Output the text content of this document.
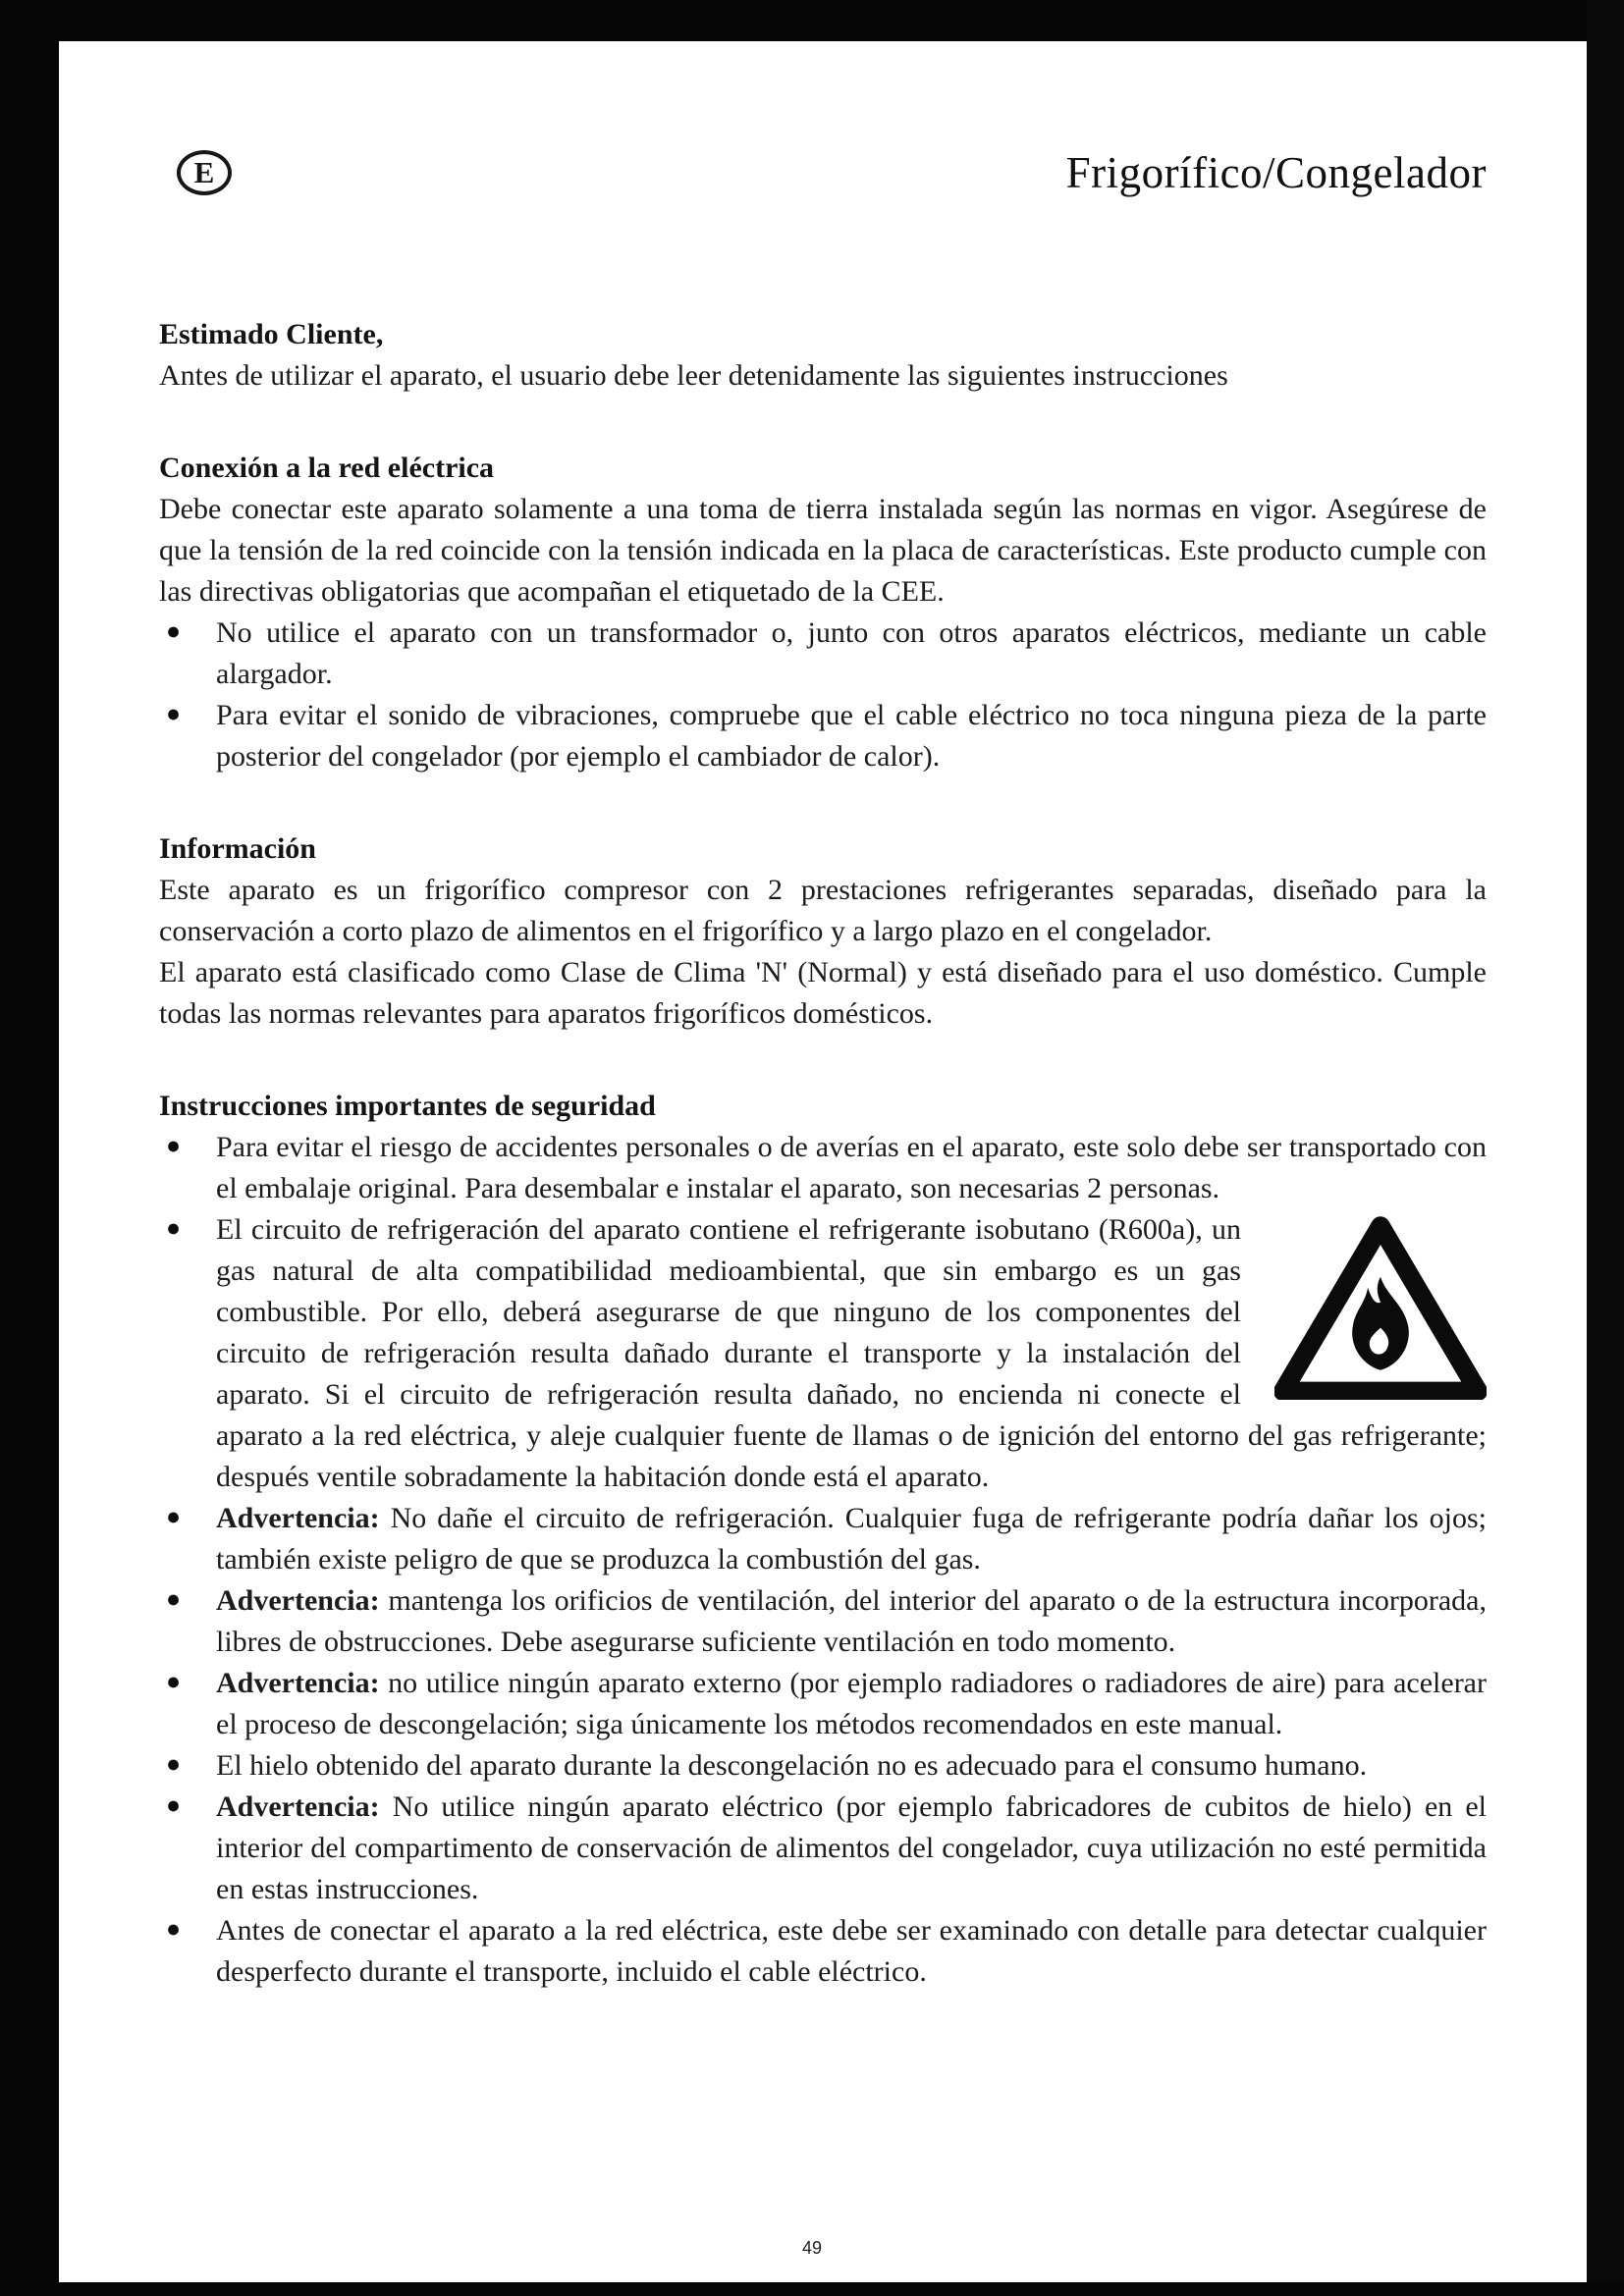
E	Frigorífico/Congelador
Estimado Cliente,

Antes de utilizar el aparato, el usuario debe leer detenidamente las siguientes instrucciones

Conexión a la red eléctrica

Debe conectar este aparato solamente a una toma de tierra instalada según las normas en vigor. Asegúrese de que la tensión de la red coincide con la tensión indicada en la placa de características. Este producto cumple con las directivas obligatorias que acompañan el etiquetado de la CEE.

● No utilice el aparato con un transformador o, junto con otros aparatos eléctricos, mediante un cable alargador.
● Para evitar el sonido de vibraciones, compruebe que el cable eléctrico no toca ninguna pieza de la parte posterior del congelador (por ejemplo el cambiador de calor).
Información

Este aparato es un frigorífico compresor con 2 prestaciones refrigerantes separadas, diseñado para la conservación a corto plazo de alimentos en el frigorífico y a largo plazo en el congelador.

El aparato está clasificado como Clase de Clima 'N' (Normal) y está diseñado para el uso doméstico. Cumple todas las normas relevantes para aparatos frigoríficos domésticos.

Instrucciones importantes de seguridad
● Para evitar el riesgo de accidentes personales o de averías en el aparato, este solo debe ser transportado con el embalaje original. Para desembalar e instalar el aparato, son necesarias 2 personas.
● El circuito de refrigeración del aparato contiene el refrigerante isobutano (R600a), un gas natural de alta compatibilidad medioambiental, que sin embargo es un gas combustible. Por ello, deberá asegurarse de que ninguno de los componentes del circuito de refrigeración resulta dañado durante el transporte y la instalación del aparato. Si el circuito de refrigeración resulta dañado, no encienda ni conecte el aparato a la red eléctrica, y aleje cualquier fuente de llamas o de ignición del entorno del gas refrigerante; después ventile sobradamente la habitación donde está el aparato.
● Advertencia: No dañe el circuito de refrigeración. Cualquier fuga de refrigerante podría dañar los ojos; también existe peligro de que se produzca la combustión del gas.
● Advertencia: mantenga los orificios de ventilación, del interior del aparato o de la estructura incorporada, libres de obstrucciones. Debe asegurarse suficiente ventilación en todo momento.
● Advertencia: no utilice ningún aparato externo (por ejemplo radiadores o radiadores de aire) para acelerar el proceso de descongelación; siga únicamente los métodos recomendados en este manual.
● El hielo obtenido del aparato durante la descongelación no es adecuado para el consumo humano.
● Advertencia: No utilice ningún aparato eléctrico (por ejemplo fabricadores de cubitos de hielo) en el interior del compartimento de conservación de alimentos del congelador, cuya utilización no esté permitida en estas instrucciones.
● Antes de conectar el aparato a la red eléctrica, este debe ser examinado con detalle para detectar cualquier desperfecto durante el transporte, incluido el cable eléctrico.
49
